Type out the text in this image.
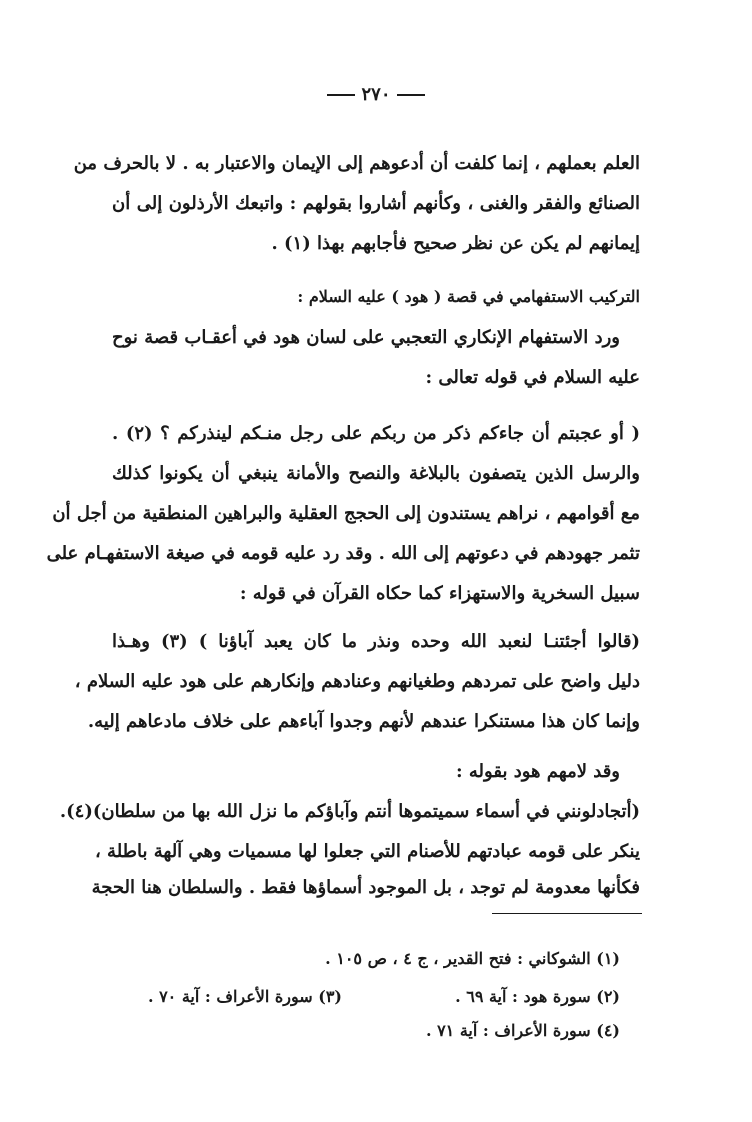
٢٧٠
العلم بعملهم ، إنما كلفت أن أدعوهم إلى الإيمان والاعتبار به . لا بالحرف من
الصنائع والفقر والغنى ، وكأنهم أشاروا بقولهم : واتبعك الأرذلون إلى أن
إيمانهم لم يكن عن نظر صحيح فأجابهم بهذا (١) .
التركيب الاستفهامي في قصة ( هود ) عليه السلام :
ورد الاستفهام الإنكاري التعجبي على لسان هود في أعقـاب قصة نوح
عليه السلام في قوله تعالى :
( أو عجبتم أن جاءكم ذكر من ربكم على رجل منـكم لينذركم ؟ (٢) .
والرسل الذين يتصفون بالبلاغة والنصح والأمانة ينبغي أن يكونوا كذلك
مع أقوامهم ، نراهم يستندون إلى الحجج العقلية والبراهين المنطقية من أجل أن
تثمر جهودهم في دعوتهم إلى الله . وقد رد عليه قومه في صيغة الاستفهـام على
سبيل السخرية والاستهزاء كما حكاه القرآن في قوله :
(قالوا أجئتنـا لنعبد الله وحده ونذر ما كان يعبد آباؤنا ) (٣) وهـذا
دليل واضح على تمردهم وطغيانهم وعنادهم وإنكارهم على هود عليه السلام ،
وإنما كان هذا مستنكرا عندهم لأنهم وجدوا آباءهم على خلاف مادعاهم إليه.
وقد لامهم هود بقوله :
(أتجادلونني في أسماء سميتموها أنتم وآباؤكم ما نزل الله بها من سلطان)(٤).
ينكر على قومه عبادتهم للأصنام التي جعلوا لها مسميات وهي آلهة باطلة ،
فكأنها معدومة لم توجد ، بل الموجود أسماؤها فقط . والسلطان هنا الحجة
(١) الشوكاني : فتح القدير ، ج ٤ ، ص ١٠٥ .
(٢) سورة هود : آية ٦٩ .
(٣) سورة الأعراف : آية ٧٠ .
(٤) سورة الأعراف : آية ٧١ .
